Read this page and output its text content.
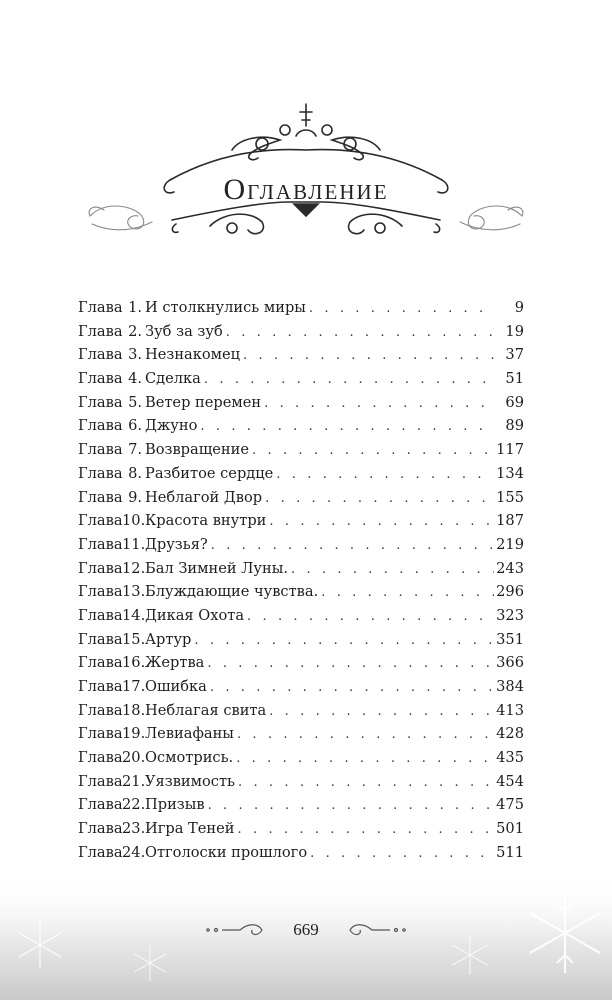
Оглавление
Глава 1. И столкнулись миры . . .	9
Глава 2. Зуб за зуб . . .	19
Глава 3. Незнакомец . . .	37
Глава 4. Сделка . . .	51
Глава 5. Ветер перемен . . .	69
Глава 6. Джуно . . .	89
Глава 7. Возвращение . . .	117
Глава 8. Разбитое сердце . . .	134
Глава 9. Неблагой Двор . . .	155
Глава 10. Красота внутри . . .	187
Глава 11. Друзья? . . .	219
Глава 12. Бал Зимней Луны. . . .	243
Глава 13. Блуждающие чувства. . . .	296
Глава 14. Дикая Охота . . .	323
Глава 15. Артур . . .	351
Глава 16. Жертва . . .	366
Глава 17. Ошибка . . .	384
Глава 18. Неблагая свита . . .	413
Глава 19. Левиафаны . . .	428
Глава 20. Осмотрись. . . .	435
Глава 21. Уязвимость . . .	454
Глава 22. Призыв . . .	475
Глава 23. Игра Теней . . .	501
Глава 24. Отголоски прошлого . . .	511
669
